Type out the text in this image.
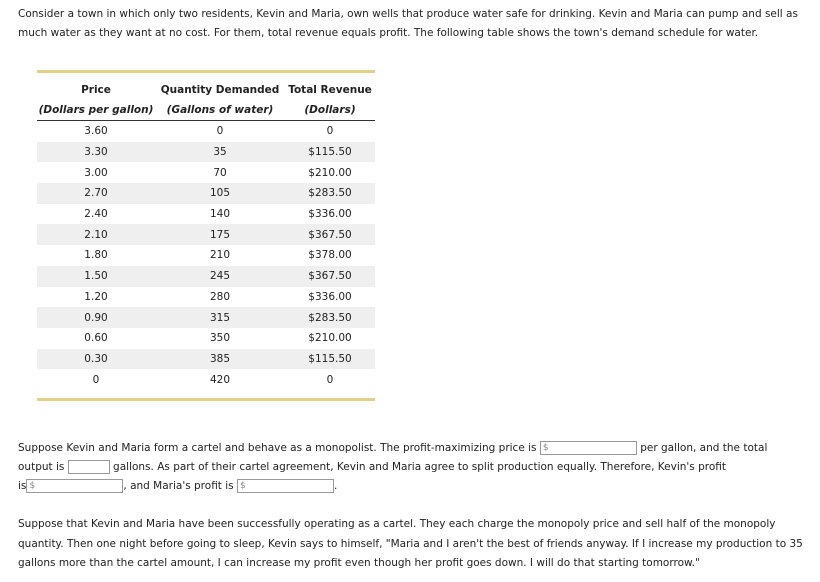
Consider a town in which only two residents, Kevin and Maria, own wells that produce water safe for drinking. Kevin and Maria can pump and sell as much water as they want at no cost. For them, total revenue equals profit. The following table shows the town's demand schedule for water.

Price	Quantity Demanded	Total Revenue
(Dollars per gallon)	(Gallons of water)	(Dollars)
3.60	0	0
3.30	35	$115.50
3.00	70	$210.00
2.70	105	$283.50
2.40	140	$336.00
2.10	175	$367.50
1.80	210	$378.00
1.50	245	$367.50
1.20	280	$336.00
0.90	315	$283.50
0.60	350	$210.00
0.30	385	$115.50
0	420	0
Suppose Kevin and Maria form a cartel and behave as a monopolist. The profit-maximizing price is $	per gallon, and the total
output is	gallons. As part of their cartel agreement, Kevin and Maria agree to split production equally. Therefore, Kevin's profit
is $	, and Maria's profit is $	.

Suppose that Kevin and Maria have been successfully operating as a cartel. They each charge the monopoly price and sell half of the monopoly quantity. Then one night before going to sleep, Kevin says to himself, "Maria and I aren't the best of friends anyway. If I increase my production to 35 gallons more than the cartel amount, I can increase my profit even though her profit goes down. I will do that starting tomorrow."
